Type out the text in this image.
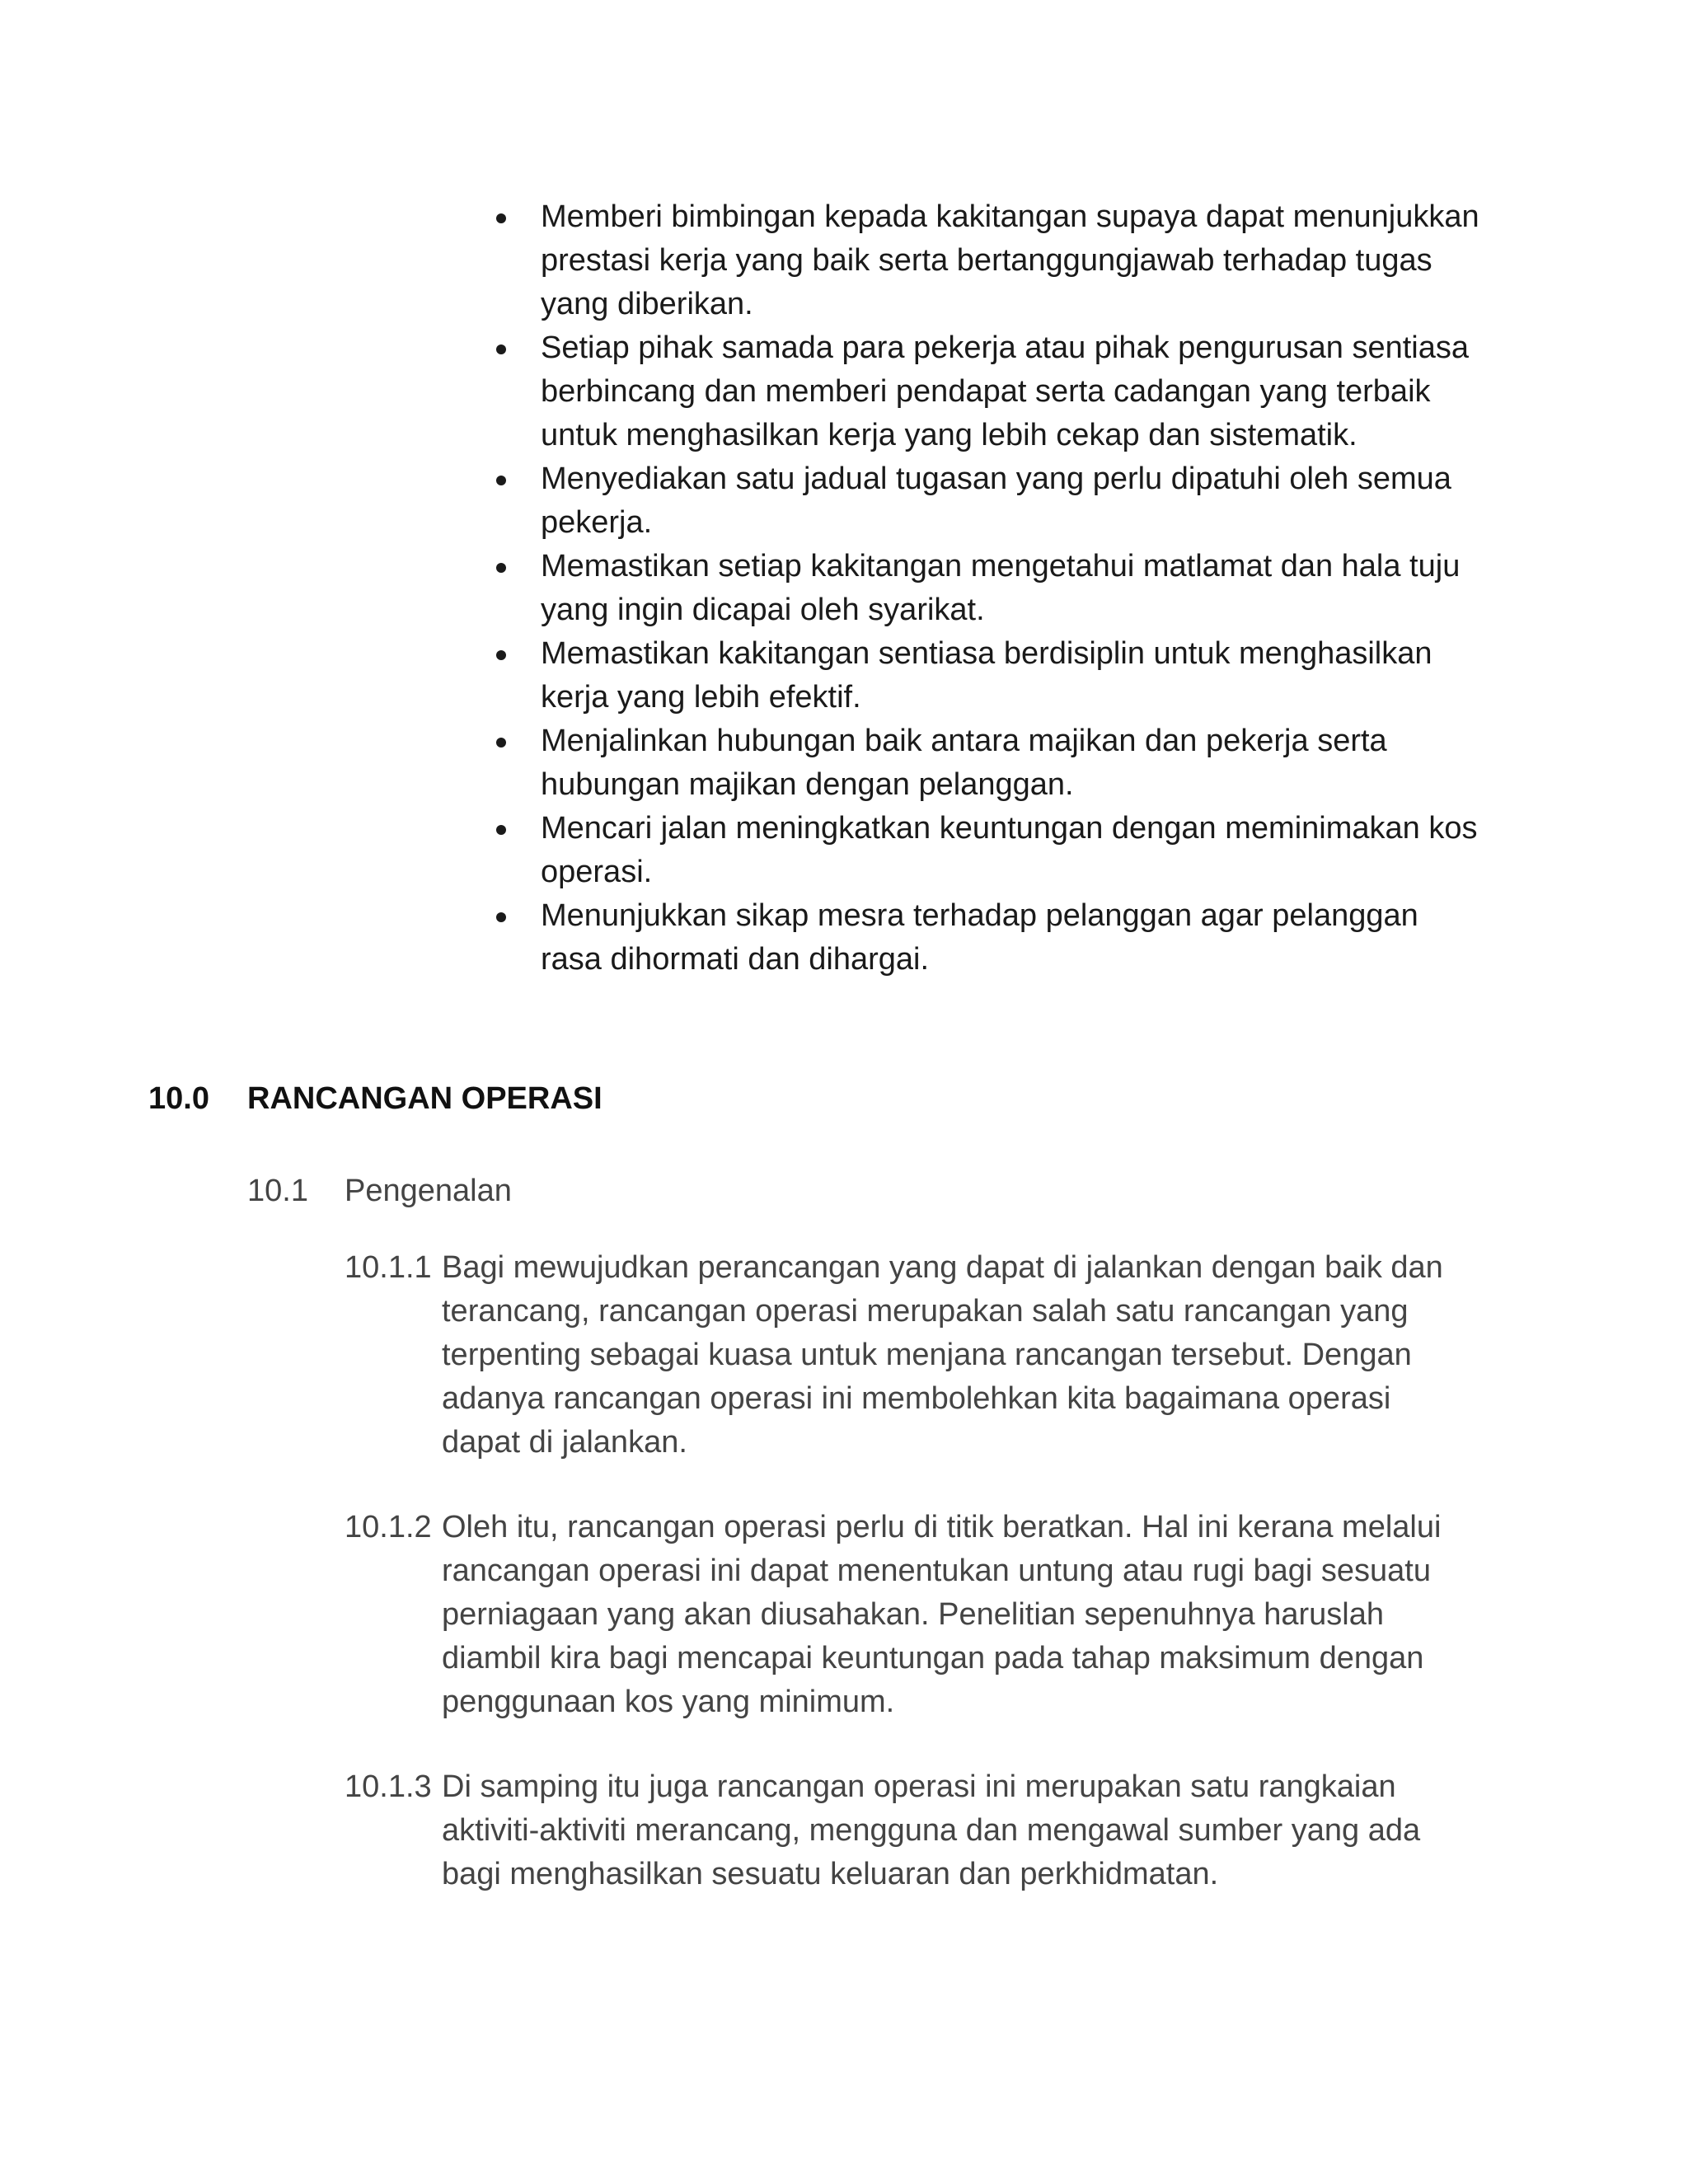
Memberi bimbingan kepada kakitangan supaya dapat menunjukkan
prestasi kerja yang baik serta bertanggungjawab terhadap tugas
yang diberikan.
Setiap pihak samada para pekerja atau pihak pengurusan sentiasa
berbincang dan memberi pendapat serta cadangan yang terbaik
untuk menghasilkan kerja yang lebih cekap dan sistematik.
Menyediakan satu jadual tugasan yang perlu dipatuhi oleh semua
pekerja.
Memastikan setiap kakitangan mengetahui matlamat dan hala tuju
yang ingin dicapai oleh syarikat.
Memastikan kakitangan sentiasa berdisiplin untuk menghasilkan
kerja yang lebih efektif.
Menjalinkan hubungan baik antara majikan dan pekerja serta
hubungan majikan dengan pelanggan.
Mencari jalan meningkatkan keuntungan dengan meminimakan kos
operasi.
Menunjukkan sikap mesra terhadap pelanggan agar pelanggan
rasa dihormati dan dihargai.
10.0 RANCANGAN OPERASI
10.1 Pengenalan
10.1.1 Bagi mewujudkan perancangan yang dapat di jalankan dengan baik dan
terancang, rancangan operasi merupakan salah satu rancangan yang
terpenting sebagai kuasa untuk menjana rancangan tersebut. Dengan
adanya rancangan operasi ini membolehkan kita bagaimana operasi
dapat di jalankan.
10.1.2 Oleh itu, rancangan operasi perlu di titik beratkan. Hal ini kerana melalui
rancangan operasi ini dapat menentukan untung atau rugi bagi sesuatu
perniagaan yang akan diusahakan. Penelitian sepenuhnya haruslah
diambil kira bagi mencapai keuntungan pada tahap maksimum dengan
penggunaan kos yang minimum.
10.1.3 Di samping itu juga rancangan operasi ini merupakan satu rangkaian
aktiviti-aktiviti merancang, mengguna dan mengawal sumber yang ada
bagi menghasilkan sesuatu keluaran dan perkhidmatan.
